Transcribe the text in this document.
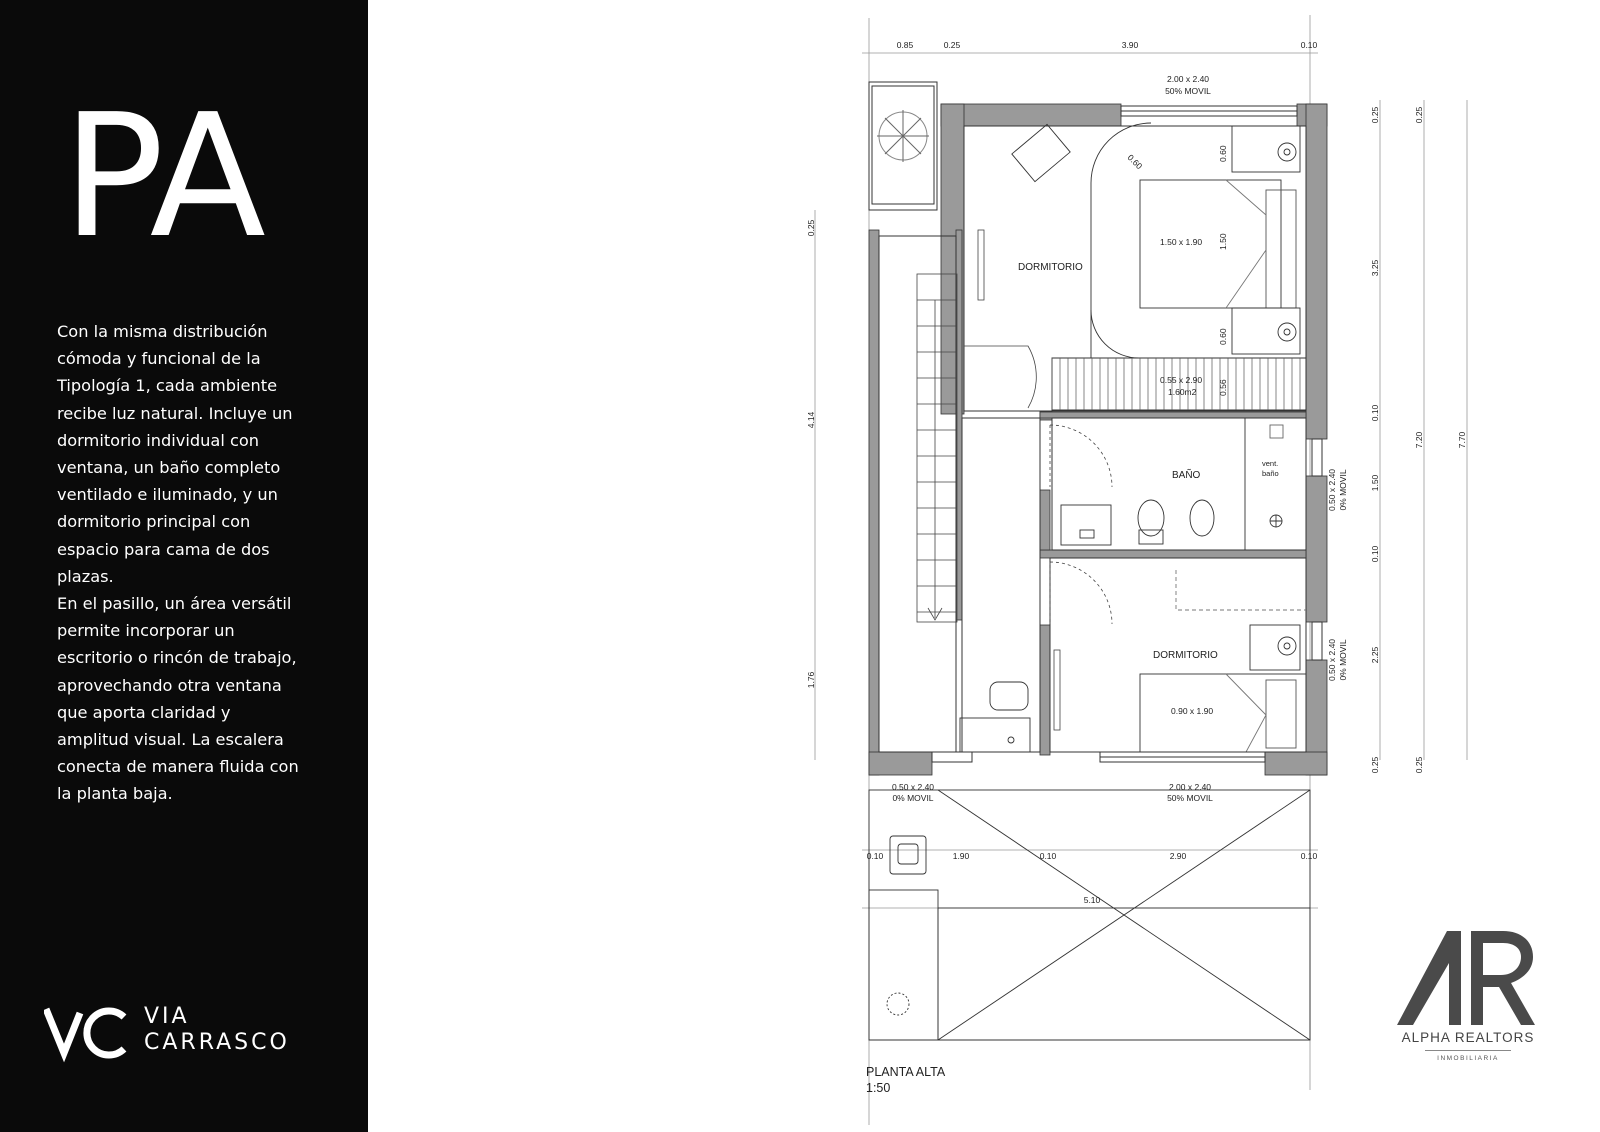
PA

Con la misma distribución cómoda y funcional de la Tipología 1, cada ambiente recibe luz natural. Incluye un dormitorio individual con ventana, un baño completo ventilado e iluminado, y un dormitorio principal con espacio para cama de dos plazas.

En el pasillo, un área versátil permite incorporar un escritorio o rincón de trabajo, aprovechando otra ventana que aporta claridad y amplitud visual. La escalera conecta de manera fluida con la planta baja.

VIA
CARRASCO
DORMITORIO
BAÑO
DORMITORIO
2.00 x 2.40
50% MOVIL
1.50 x 1.90
0.90 x 1.90
0.55 x 2.90
1.60m2
vent.
baño
2.00 x 2.40
50% MOVIL
0.50 x 2.40
0% MOVIL
0.50 x 2.40 0% MOVIL
0.50 x 2.40 0% MOVIL
0.60
1.50
0.60
0.60
0.56
0.85	0.25	3.90	0.10
0.10	1.90	0.10	2.90	0.10
5.10
0.25
4.14
1.76
0.25
3.25
0.10
1.50
0.10
2.25
0.25
0.25
7.20
0.25
7.70
PLANTA ALTA
1:50
ALPHA REALTORS
INMOBILIARIA
